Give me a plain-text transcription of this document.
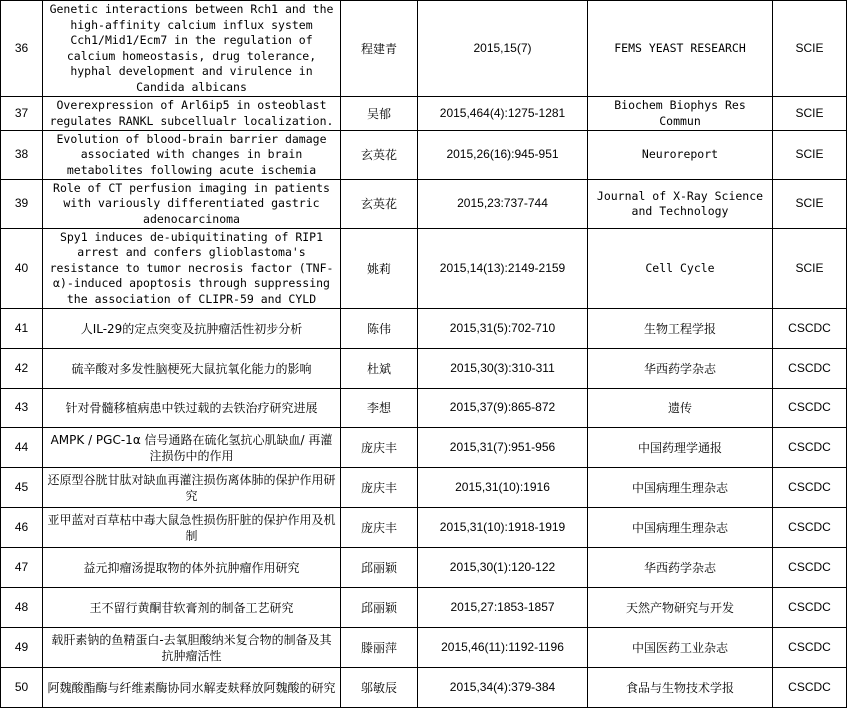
36	Genetic interactions between Rch1 and the high-affinity calcium influx system Cch1/Mid1/Ecm7 in the regulation of calcium homeostasis, drug tolerance, hyphal development and virulence in Candida albicans	程建青	2015,15(7)	FEMS YEAST RESEARCH	SCIE
37	Overexpression of Arl6ip5 in osteoblast regulates RANKL subcellualr localization.	吴郁	2015,464(4):1275-1281	Biochem Biophys Res Commun	SCIE
38	Evolution of blood-brain barrier damage associated with changes in brain metabolites following acute ischemia	玄英花	2015,26(16):945-951	Neuroreport	SCIE
39	Role of CT perfusion imaging in patients with variously differentiated gastric adenocarcinoma	玄英花	2015,23:737-744	Journal of X-Ray Science and Technology	SCIE
40	Spy1 induces de-ubiquitinating of RIP1 arrest and confers glioblastoma's resistance to tumor necrosis factor (TNF-α)-induced apoptosis through suppressing the association of CLIPR-59 and CYLD	姚莉	2015,14(13):2149-2159	Cell Cycle	SCIE
41	人IL-29的定点突变及抗肿瘤活性初步分析	陈伟	2015,31(5):702-710	生物工程学报	CSCDC
42	硫辛酸对多发性脑梗死大鼠抗氧化能力的影响	杜斌	2015,30(3):310-311	华西药学杂志	CSCDC
43	针对骨髓移植病患中铁过载的去铁治疗研究进展	李想	2015,37(9):865-872	遗传	CSCDC
44	AMPK / PGC-1α 信号通路在硫化氢抗心肌缺血/ 再灌注损伤中的作用	庞庆丰	2015,31(7):951-956	中国药理学通报	CSCDC
45	还原型谷胱甘肽对缺血再灌注损伤离体肺的保护作用研究	庞庆丰	2015,31(10):1916	中国病理生理杂志	CSCDC
46	亚甲蓝对百草枯中毒大鼠急性损伤肝脏的保护作用及机制	庞庆丰	2015,31(10):1918-1919	中国病理生理杂志	CSCDC
47	益元抑瘤汤提取物的体外抗肿瘤作用研究	邱丽颖	2015,30(1):120-122	华西药学杂志	CSCDC
48	王不留行黄酮苷软膏剂的制备工艺研究	邱丽颖	2015,27:1853-1857	天然产物研究与开发	CSCDC
49	载肝素钠的鱼精蛋白-去氧胆酸纳米复合物的制备及其抗肿瘤活性	滕丽萍	2015,46(11):1192-1196	中国医药工业杂志	CSCDC
50	阿魏酸酯酶与纤维素酶协同水解麦麸释放阿魏酸的研究	邬敏辰	2015,34(4):379-384	食品与生物技术学报	CSCDC
